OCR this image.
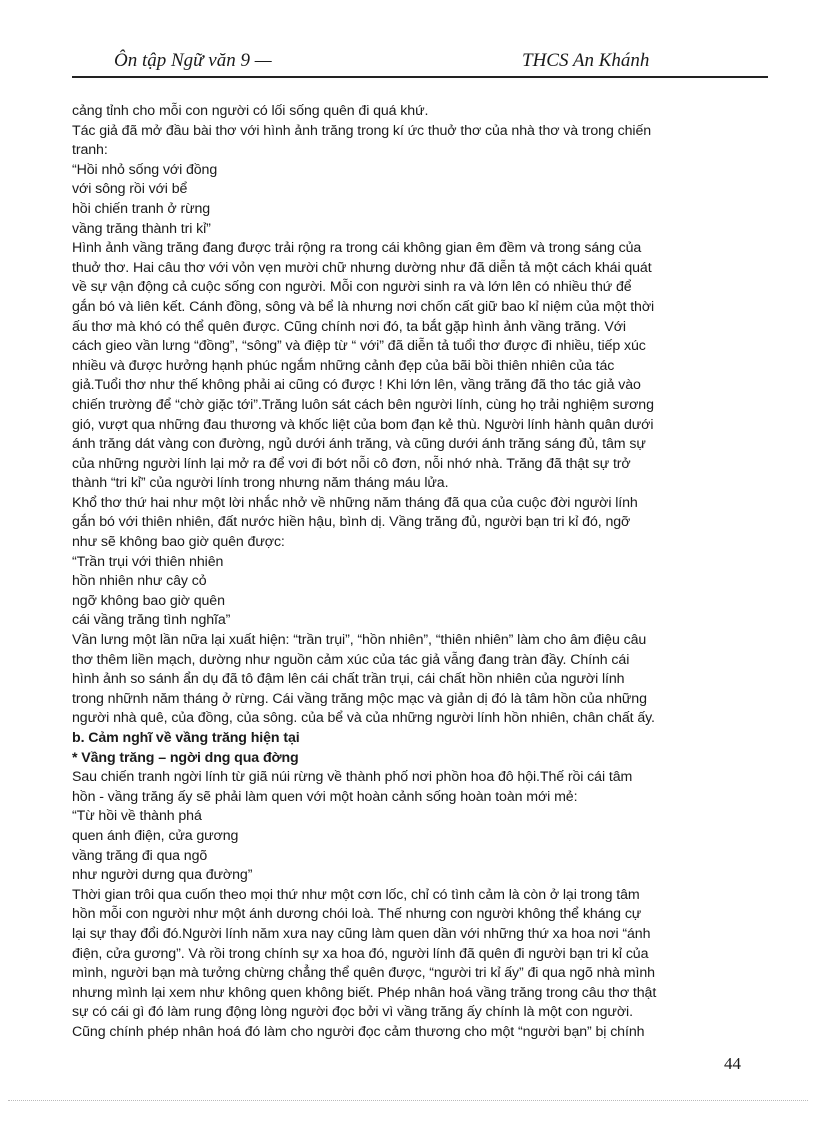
Ôn tập Ngữ văn 9 —	THCS An Khánh

cảng tỉnh cho mỗi con người có lối sống quên đi quá khứ.

Tác giả đã mở đầu bài thơ với hình ảnh trăng trong kí ức thuở thơ của nhà thơ và trong chiến

tranh:

“Hồi nhỏ sống với đồng

với sông rồi với bể

hồi chiến tranh ở rừng

vầng trăng thành tri kỉ”

Hình ảnh vầng trăng đang được trải rộng ra trong cái không gian êm đềm và trong sáng của

thuở thơ. Hai câu thơ với vỏn vẹn mười chữ nhưng dường như đã diễn tả một cách khái quát

về sự vận động cả cuộc sống con người. Mỗi con người sinh ra và lớn lên có nhiều thứ để

gắn bó và liên kết. Cánh đồng, sông và bể là nhưng nơi chốn cất giữ bao kỉ niệm của một thời

ấu thơ mà khó có thể quên được. Cũng chính nơi đó, ta bắt gặp hình ảnh vầng trăng. Với

cách gieo vần lưng “đồng”, “sông” và điệp từ “ với” đã diễn tả tuổi thơ được đi nhiều, tiếp xúc

nhiều và được hưởng hạnh phúc ngắm những cảnh đẹp của bãi bồi thiên nhiên của tác

giả.Tuổi thơ như thế không phải ai cũng có được ! Khi lớn lên, vầng trăng đã tho tác giả vào

chiến trường để “chờ giặc tới”.Trăng luôn sát cách bên người lính, cùng họ trải nghiệm sương

gió, vượt qua những đau thương và khốc liệt của bom đạn kẻ thù. Người lính hành quân dưới

ánh trăng dát vàng con đường, ngủ dưới ánh trăng, và cũng dưới ánh trăng sáng đủ, tâm sự

của những người lính lại mở ra để vơi đi bớt nỗi cô đơn, nỗi nhớ nhà. Trăng đã thật sự trở

thành “tri kỉ” của người lính trong nhưng năm tháng máu lửa.

Khổ thơ thứ hai như một lời nhắc nhở về những năm tháng đã qua của cuộc đời người lính

gắn bó với thiên nhiên, đất nước hiền hậu, bình dị. Vầng trăng đủ, người bạn tri kỉ đó, ngỡ

như sẽ không bao giờ quên được:

“Trần trụi với thiên nhiên

hồn nhiên như cây cỏ

ngỡ không bao giờ quên

cái vầng trăng tình nghĩa”

Vần lưng một lần nữa lại xuất hiện: “trần trụi”, “hồn nhiên”, “thiên nhiên” làm cho âm điệu câu

thơ thêm liền mạch, dường như nguồn cảm xúc của tác giả vẫng đang tràn đầy. Chính cái

hình ảnh so sánh ẩn dụ đã tô đậm lên cái chất trần trụi, cái chất hồn nhiên của người lính

trong nhữnh năm tháng ở rừng. Cái vầng trăng mộc mạc và giản dị đó là tâm hồn của những

người nhà quê, của đồng, của sông. của bể và của những người lính hồn nhiên, chân chất ấy.

b. Cảm nghĩ về vầng trăng hiện tại

* Vầng trăng – ngời dng qua đờng

Sau chiến tranh ngời lính từ giã núi rừng về thành phố nơi phồn hoa đô hội.Thế rồi cái tâm

hồn - vầng trăng ấy sẽ phải làm quen với một hoàn cảnh sống hoàn toàn mới mẻ:

“Từ hồi về thành phá

quen ánh điện, cửa gương

vầng trăng đi qua ngõ

như người dưng qua đường”

Thời gian trôi qua cuốn theo mọi thứ như một cơn lốc, chỉ có tình cảm là còn ở lại trong tâm

hồn mỗi con người như một ánh dương chói loà. Thế nhưng con người không thể kháng cự

lại sự thay đổi đó.Người lính năm xưa nay cũng làm quen dần với những thứ xa hoa nơi “ánh

điện, cửa gương”. Và rồi trong chính sự xa hoa đó, người lính đã quên đi người bạn tri kỉ của

mình, người bạn mà tưởng chừng chẳng thể quên được, “người tri kỉ ấy” đi qua ngõ nhà mình

nhưng mình lại xem như không quen không biết. Phép nhân hoá vầng trăng trong câu thơ thật

sự có cái gì đó làm rung động lòng người đọc bởi vì vầng trăng ấy chính là một con người.

Cũng chính phép nhân hoá đó làm cho người đọc cảm thương cho một “người bạn” bị chính

44
